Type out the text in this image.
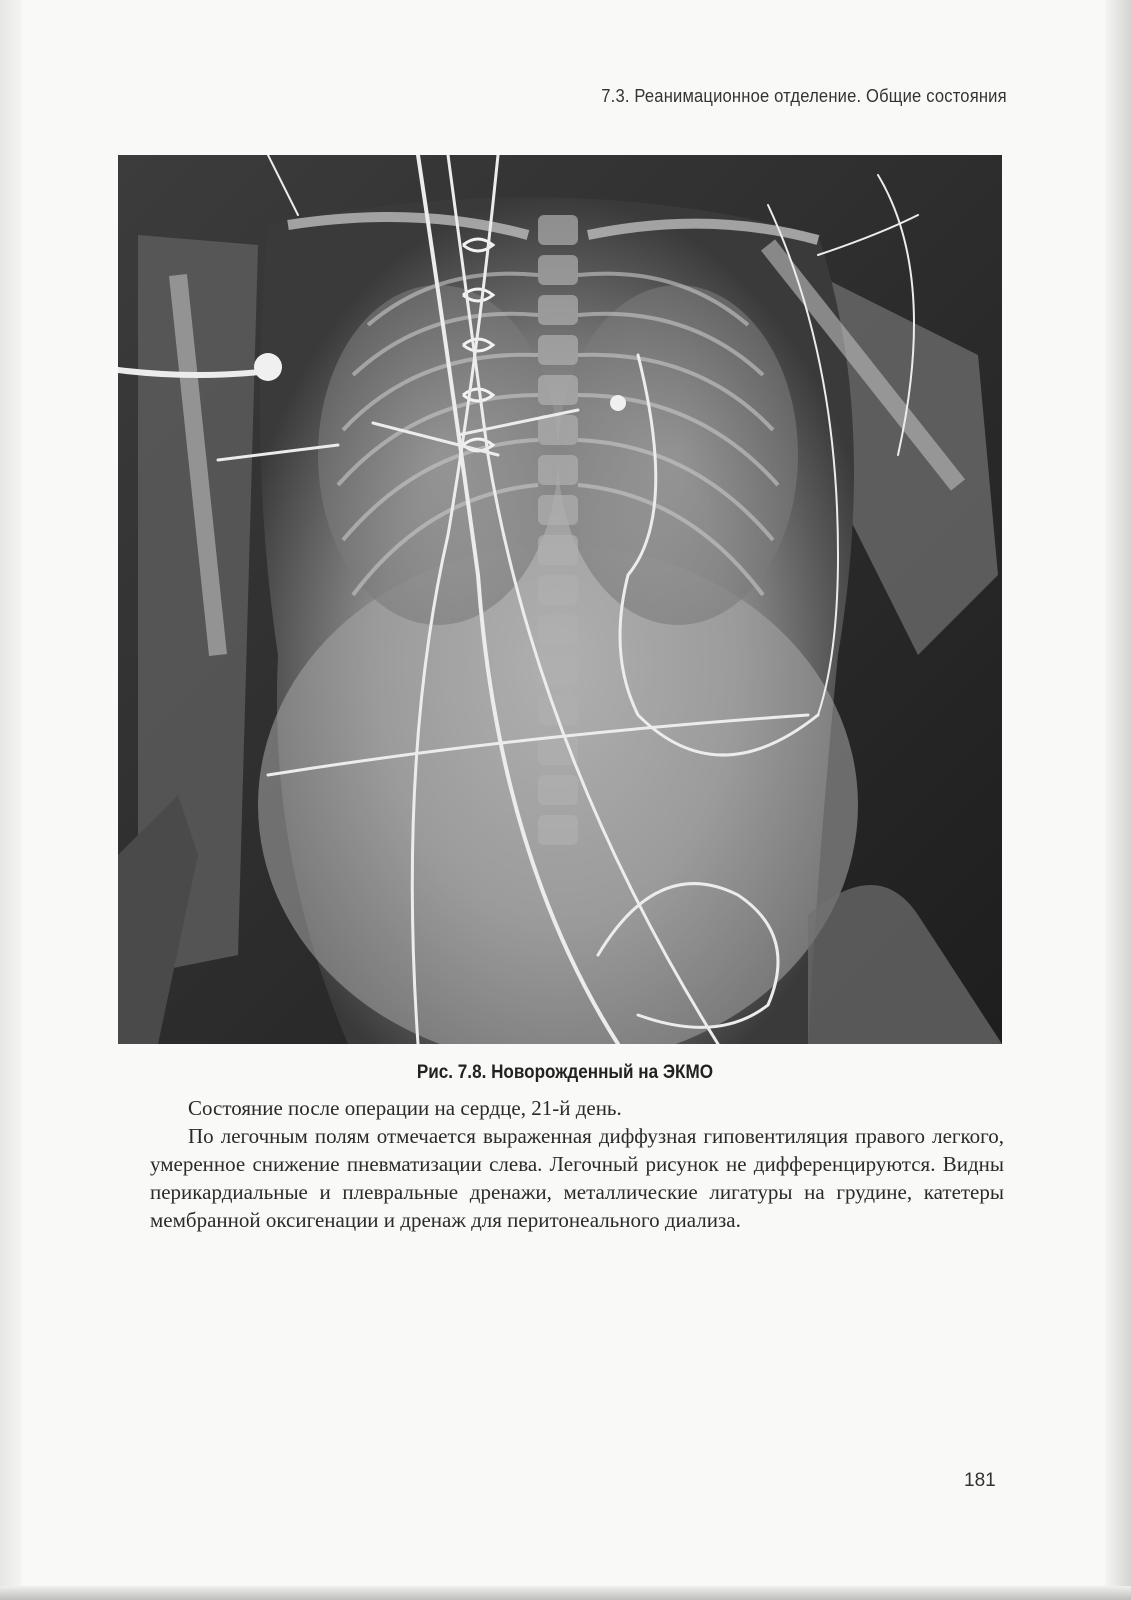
7.3. Реанимационное отделение. Общие состояния
Рис. 7.8. Новорожденный на ЭКМО

Состояние после операции на сердце, 21-й день.

По легочным полям отмечается выраженная диффузная гиповентиляция правого легкого, умеренное снижение пневматизации слева. Легочный рисунок не дифференцируются. Видны перикардиальные и плевральные дренажи, металлические лигатуры на грудине, катетеры мембранной оксигенации и дренаж для перитонеального диализа.

181
